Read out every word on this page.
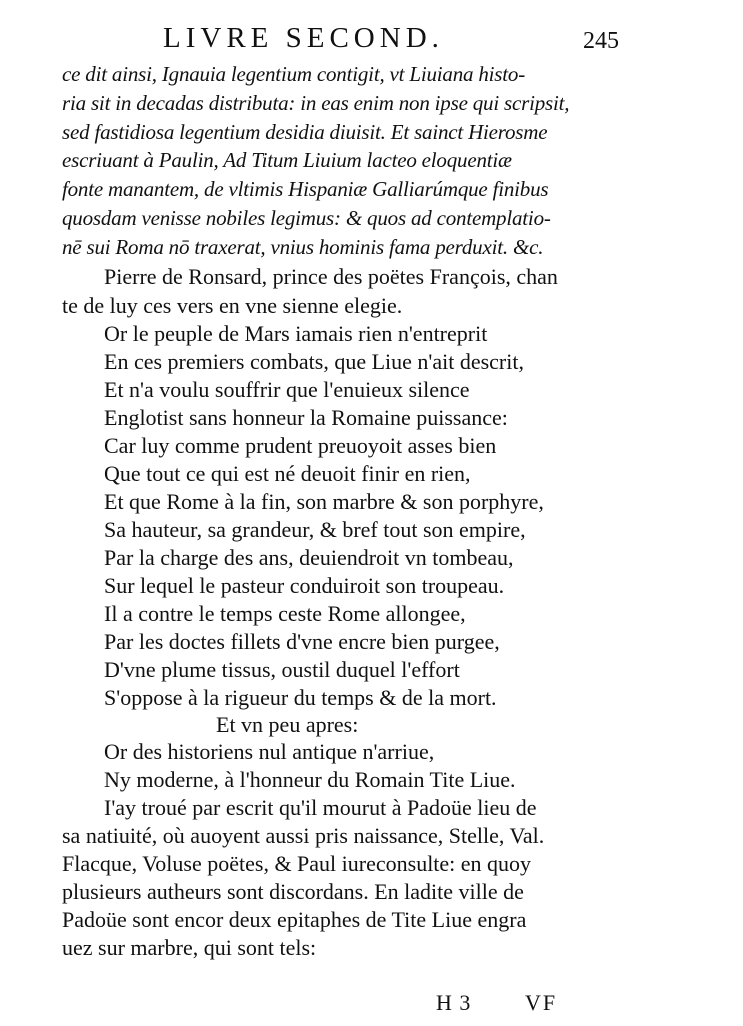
LIVRE SECOND.	245
ce dit ainsi, Ignauia legentium contigit, vt Liuiana histo-
ria sit in decadas distributa: in eas enim non ipse qui scripsit,
sed fastidiosa legentium desidia diuisit. Et sainct Hierosme
escriuant à Paulin, Ad Titum Liuium lacteo eloquentiæ
fonte manantem, de vltimis Hispaniæ Galliarúmque finibus
quosdam venisse nobiles legimus: & quos ad contemplatio-
nē sui Roma nō traxerat, vnius hominis fama perduxit. &c.
Pierre de Ronsard, prince des poëtes François, chan
te de luy ces vers en vne sienne elegie.
Or le peuple de Mars iamais rien n'entreprit
En ces premiers combats, que Liue n'ait descrit,
Et n'a voulu souffrir que l'enuieux silence
Englotist sans honneur la Romaine puissance:
Car luy comme prudent preuoyoit asses bien
Que tout ce qui est né deuoit finir en rien,
Et que Rome à la fin, son marbre & son porphyre,
Sa hauteur, sa grandeur, & bref tout son empire,
Par la charge des ans, deuiendroit vn tombeau,
Sur lequel le pasteur conduiroit son troupeau.
Il a contre le temps ceste Rome allongee,
Par les doctes fillets d'vne encre bien purgee,
D'vne plume tissus, oustil duquel l'effort
S'oppose à la rigueur du temps & de la mort.
Et vn peu apres:
Or des historiens nul antique n'arriue,
Ny moderne, à l'honneur du Romain Tite Liue.
I'ay troué par escrit qu'il mourut à Padoüe lieu de
sa natiuité, où auoyent aussi pris naissance, Stelle, Val.
Flacque, Voluse poëtes, & Paul iureconsulte: en quoy
plusieurs autheurs sont discordans. En ladite ville de
Padoüe sont encor deux epitaphes de Tite Liue engra
uez sur marbre, qui sont tels:
H 3 VF
